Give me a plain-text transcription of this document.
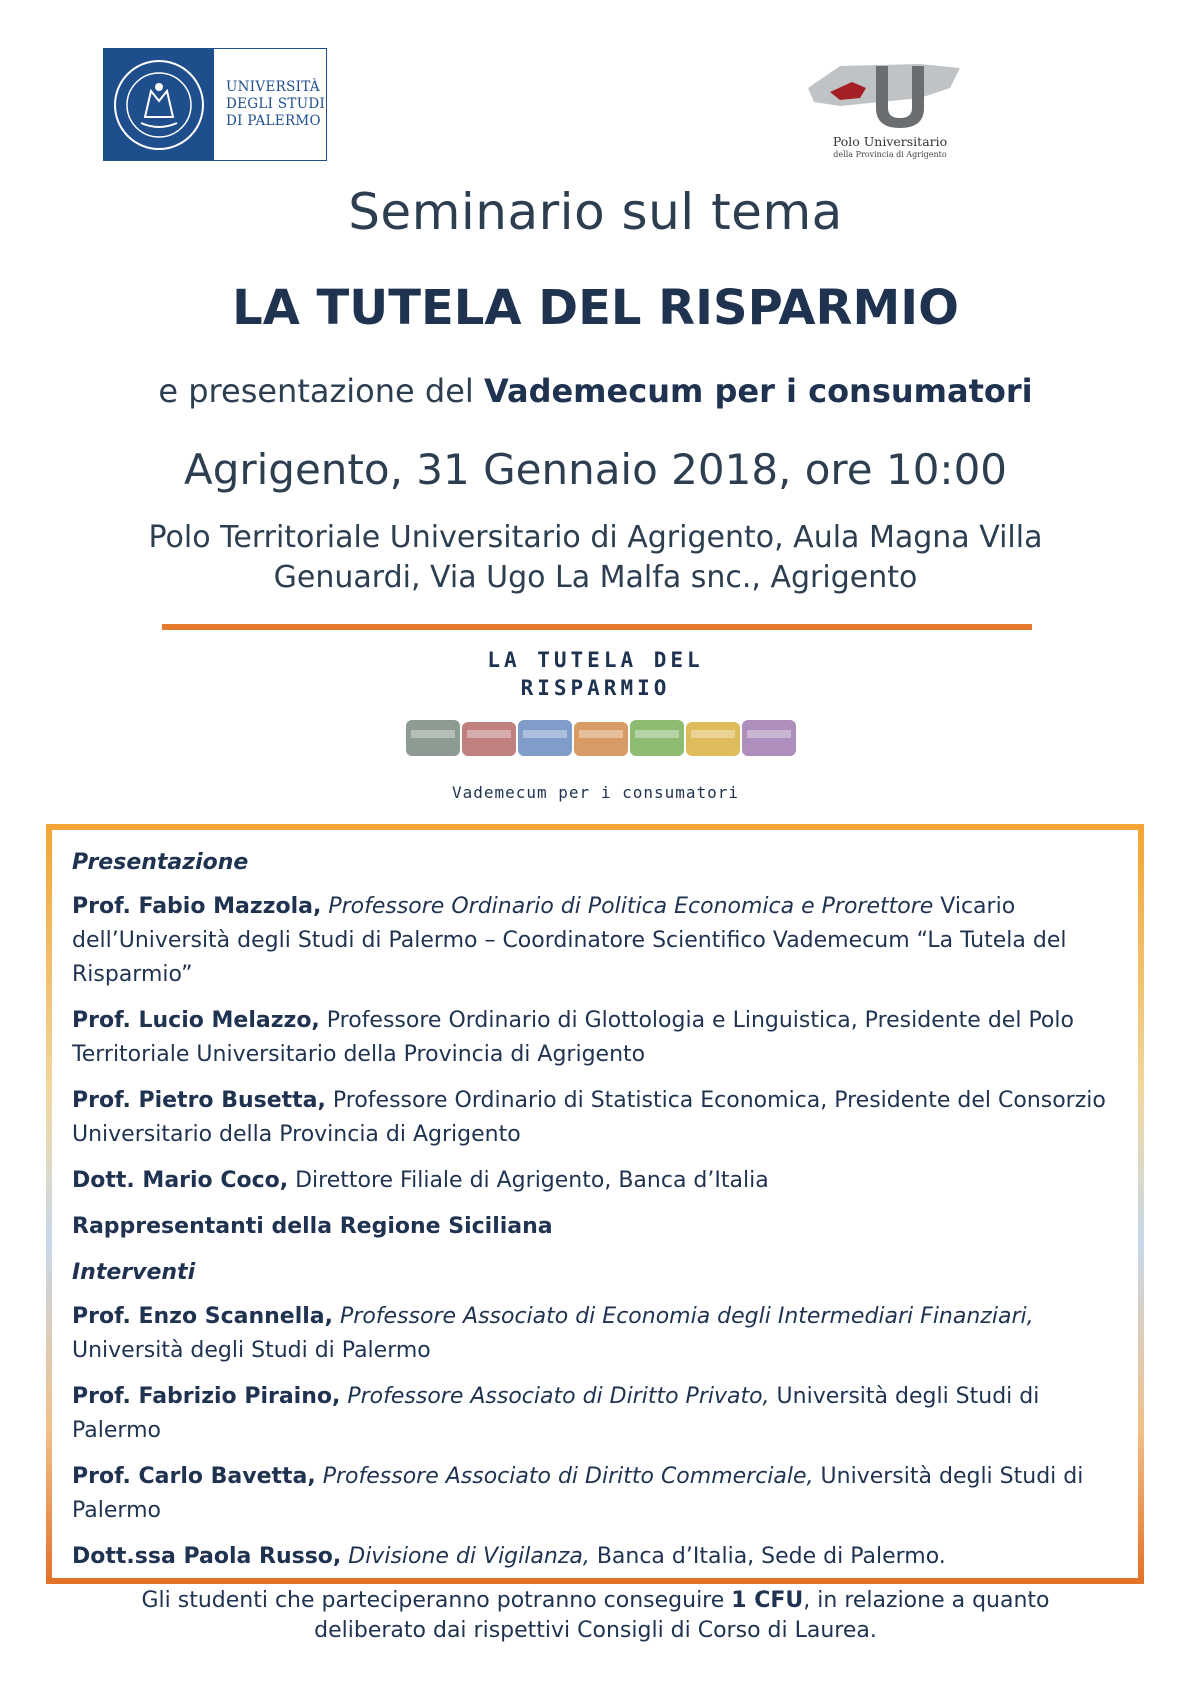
UNIVERSITÀ
DEGLI STUDI
DI PALERMO
Polo Universitario
della Provincia di Agrigento
Seminario sul tema
LA TUTELA DEL RISPARMIO
e presentazione del Vademecum per i consumatori
Agrigento, 31 Gennaio 2018, ore 10:00
Polo Territoriale Universitario di Agrigento, Aula Magna Villa
Genuardi, Via Ugo La Malfa snc., Agrigento
LA TUTELA DEL
RISPARMIO
Vademecum per i consumatori
Presentazione
Prof. Fabio Mazzola, Professore Ordinario di Politica Economica e Prorettore Vicario dell’Università degli Studi di Palermo – Coordinatore Scientifico Vademecum “La Tutela del Risparmio”
Prof. Lucio Melazzo, Professore Ordinario di Glottologia e Linguistica, Presidente del Polo Territoriale Universitario della Provincia di Agrigento
Prof. Pietro Busetta, Professore Ordinario di Statistica Economica, Presidente del Consorzio Universitario della Provincia di Agrigento
Dott. Mario Coco, Direttore Filiale di Agrigento, Banca d’Italia
Rappresentanti della Regione Siciliana
Interventi
Prof. Enzo Scannella, Professore Associato di Economia degli Intermediari Finanziari, Università degli Studi di Palermo
Prof. Fabrizio Piraino, Professore Associato di Diritto Privato, Università degli Studi di Palermo
Prof. Carlo Bavetta, Professore Associato di Diritto Commerciale, Università degli Studi di Palermo
Dott.ssa Paola Russo, Divisione di Vigilanza, Banca d’Italia, Sede di Palermo.
Gli studenti che parteciperanno potranno conseguire 1 CFU, in relazione a quanto
deliberato dai rispettivi Consigli di Corso di Laurea.
